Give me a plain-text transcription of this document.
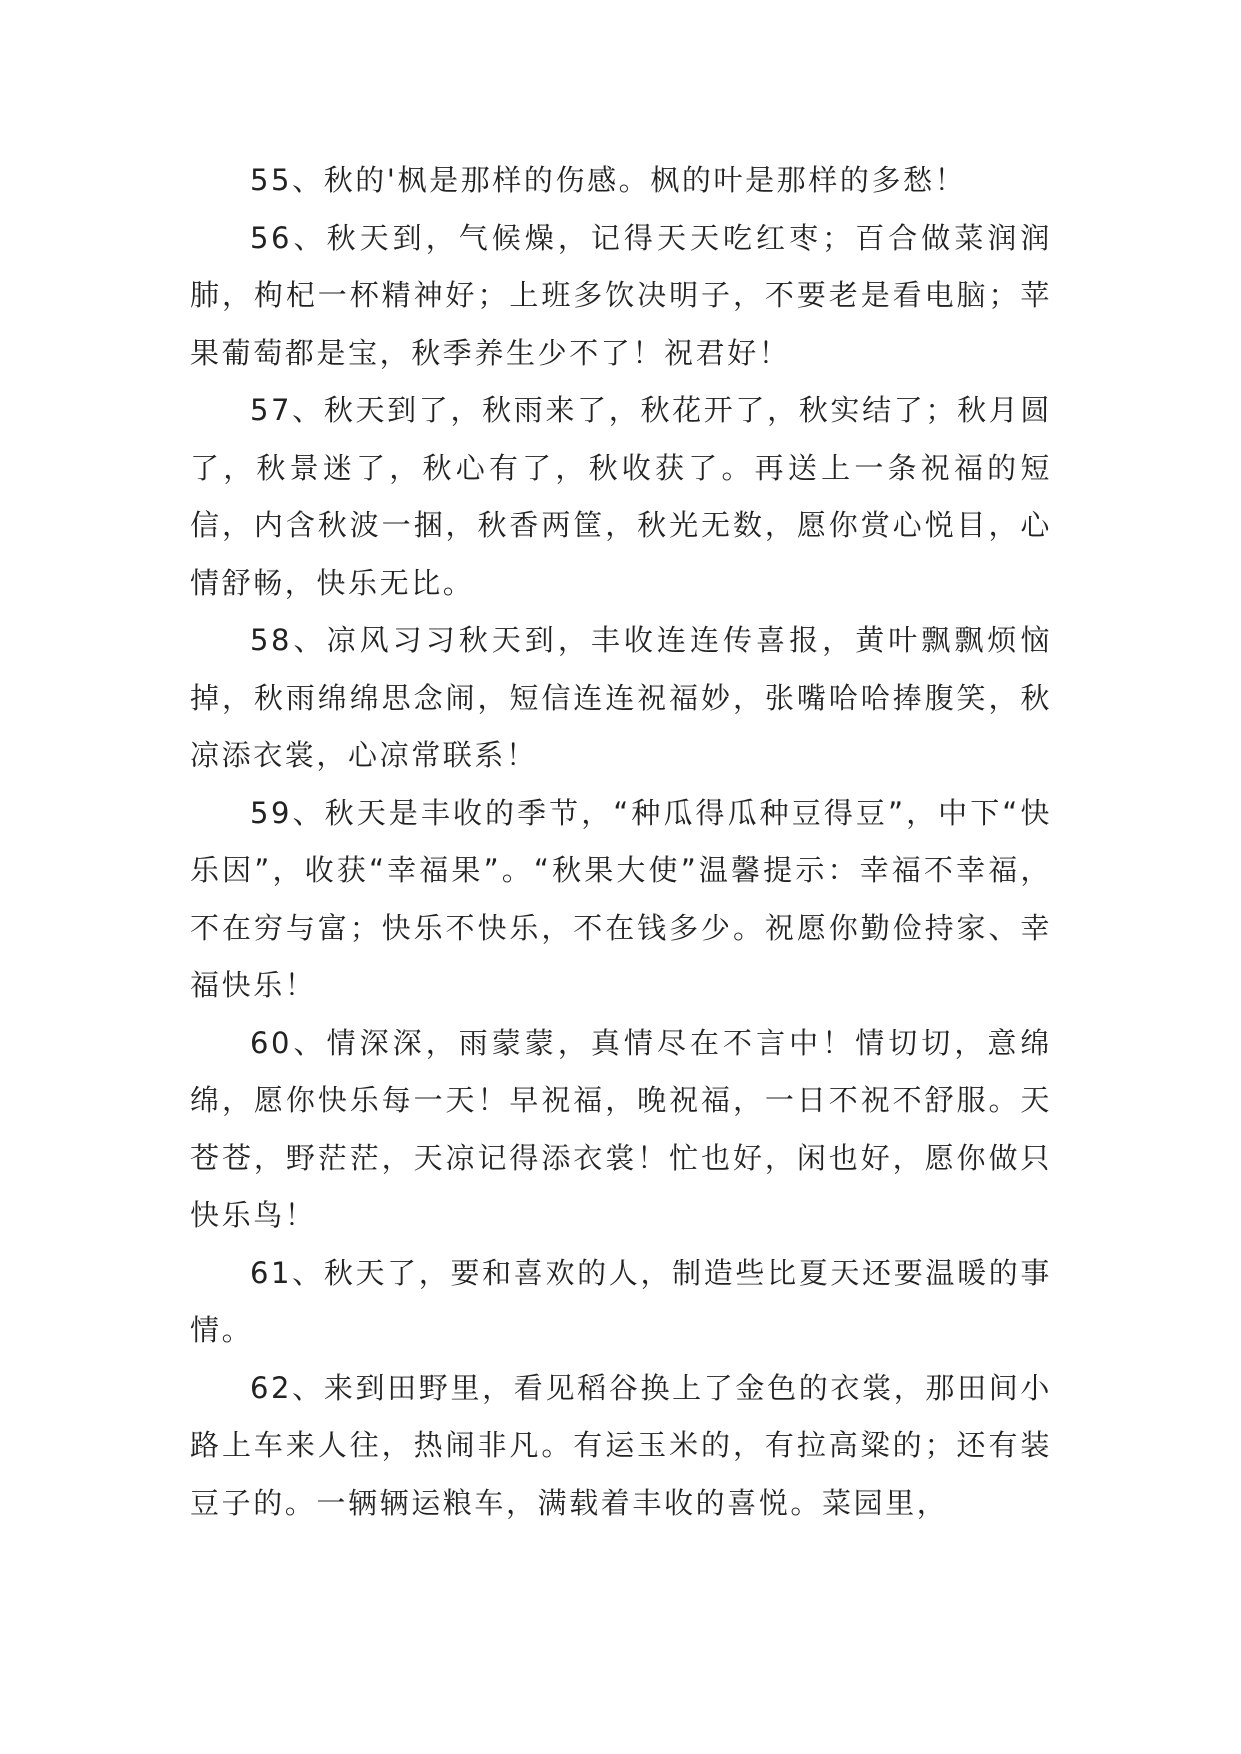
55、秋的'枫是那样的伤感。枫的叶是那样的多愁！

56、秋天到，气候燥，记得天天吃红枣；百合做菜润润肺，枸杞一杯精神好；上班多饮决明子，不要老是看电脑；苹果葡萄都是宝，秋季养生少不了！祝君好！

57、秋天到了，秋雨来了，秋花开了，秋实结了；秋月圆了，秋景迷了，秋心有了，秋收获了。再送上一条祝福的短信，内含秋波一捆，秋香两筐，秋光无数，愿你赏心悦目，心情舒畅，快乐无比。

58、凉风习习秋天到，丰收连连传喜报，黄叶飘飘烦恼掉，秋雨绵绵思念闹，短信连连祝福妙，张嘴哈哈捧腹笑，秋凉添衣裳，心凉常联系！

59、秋天是丰收的季节，“种瓜得瓜种豆得豆”，中下“快乐因”，收获“幸福果”。“秋果大使”温馨提示：幸福不幸福，不在穷与富；快乐不快乐，不在钱多少。祝愿你勤俭持家、幸福快乐！

60、情深深，雨蒙蒙，真情尽在不言中！情切切，意绵绵，愿你快乐每一天！早祝福，晚祝福，一日不祝不舒服。天苍苍，野茫茫，天凉记得添衣裳！忙也好，闲也好，愿你做只快乐鸟！

61、秋天了，要和喜欢的人，制造些比夏天还要温暖的事情。

62、来到田野里，看见稻谷换上了金色的衣裳，那田间小路上车来人往，热闹非凡。有运玉米的，有拉高粱的；还有装豆子的。一辆辆运粮车，满载着丰收的喜悦。菜园里，
